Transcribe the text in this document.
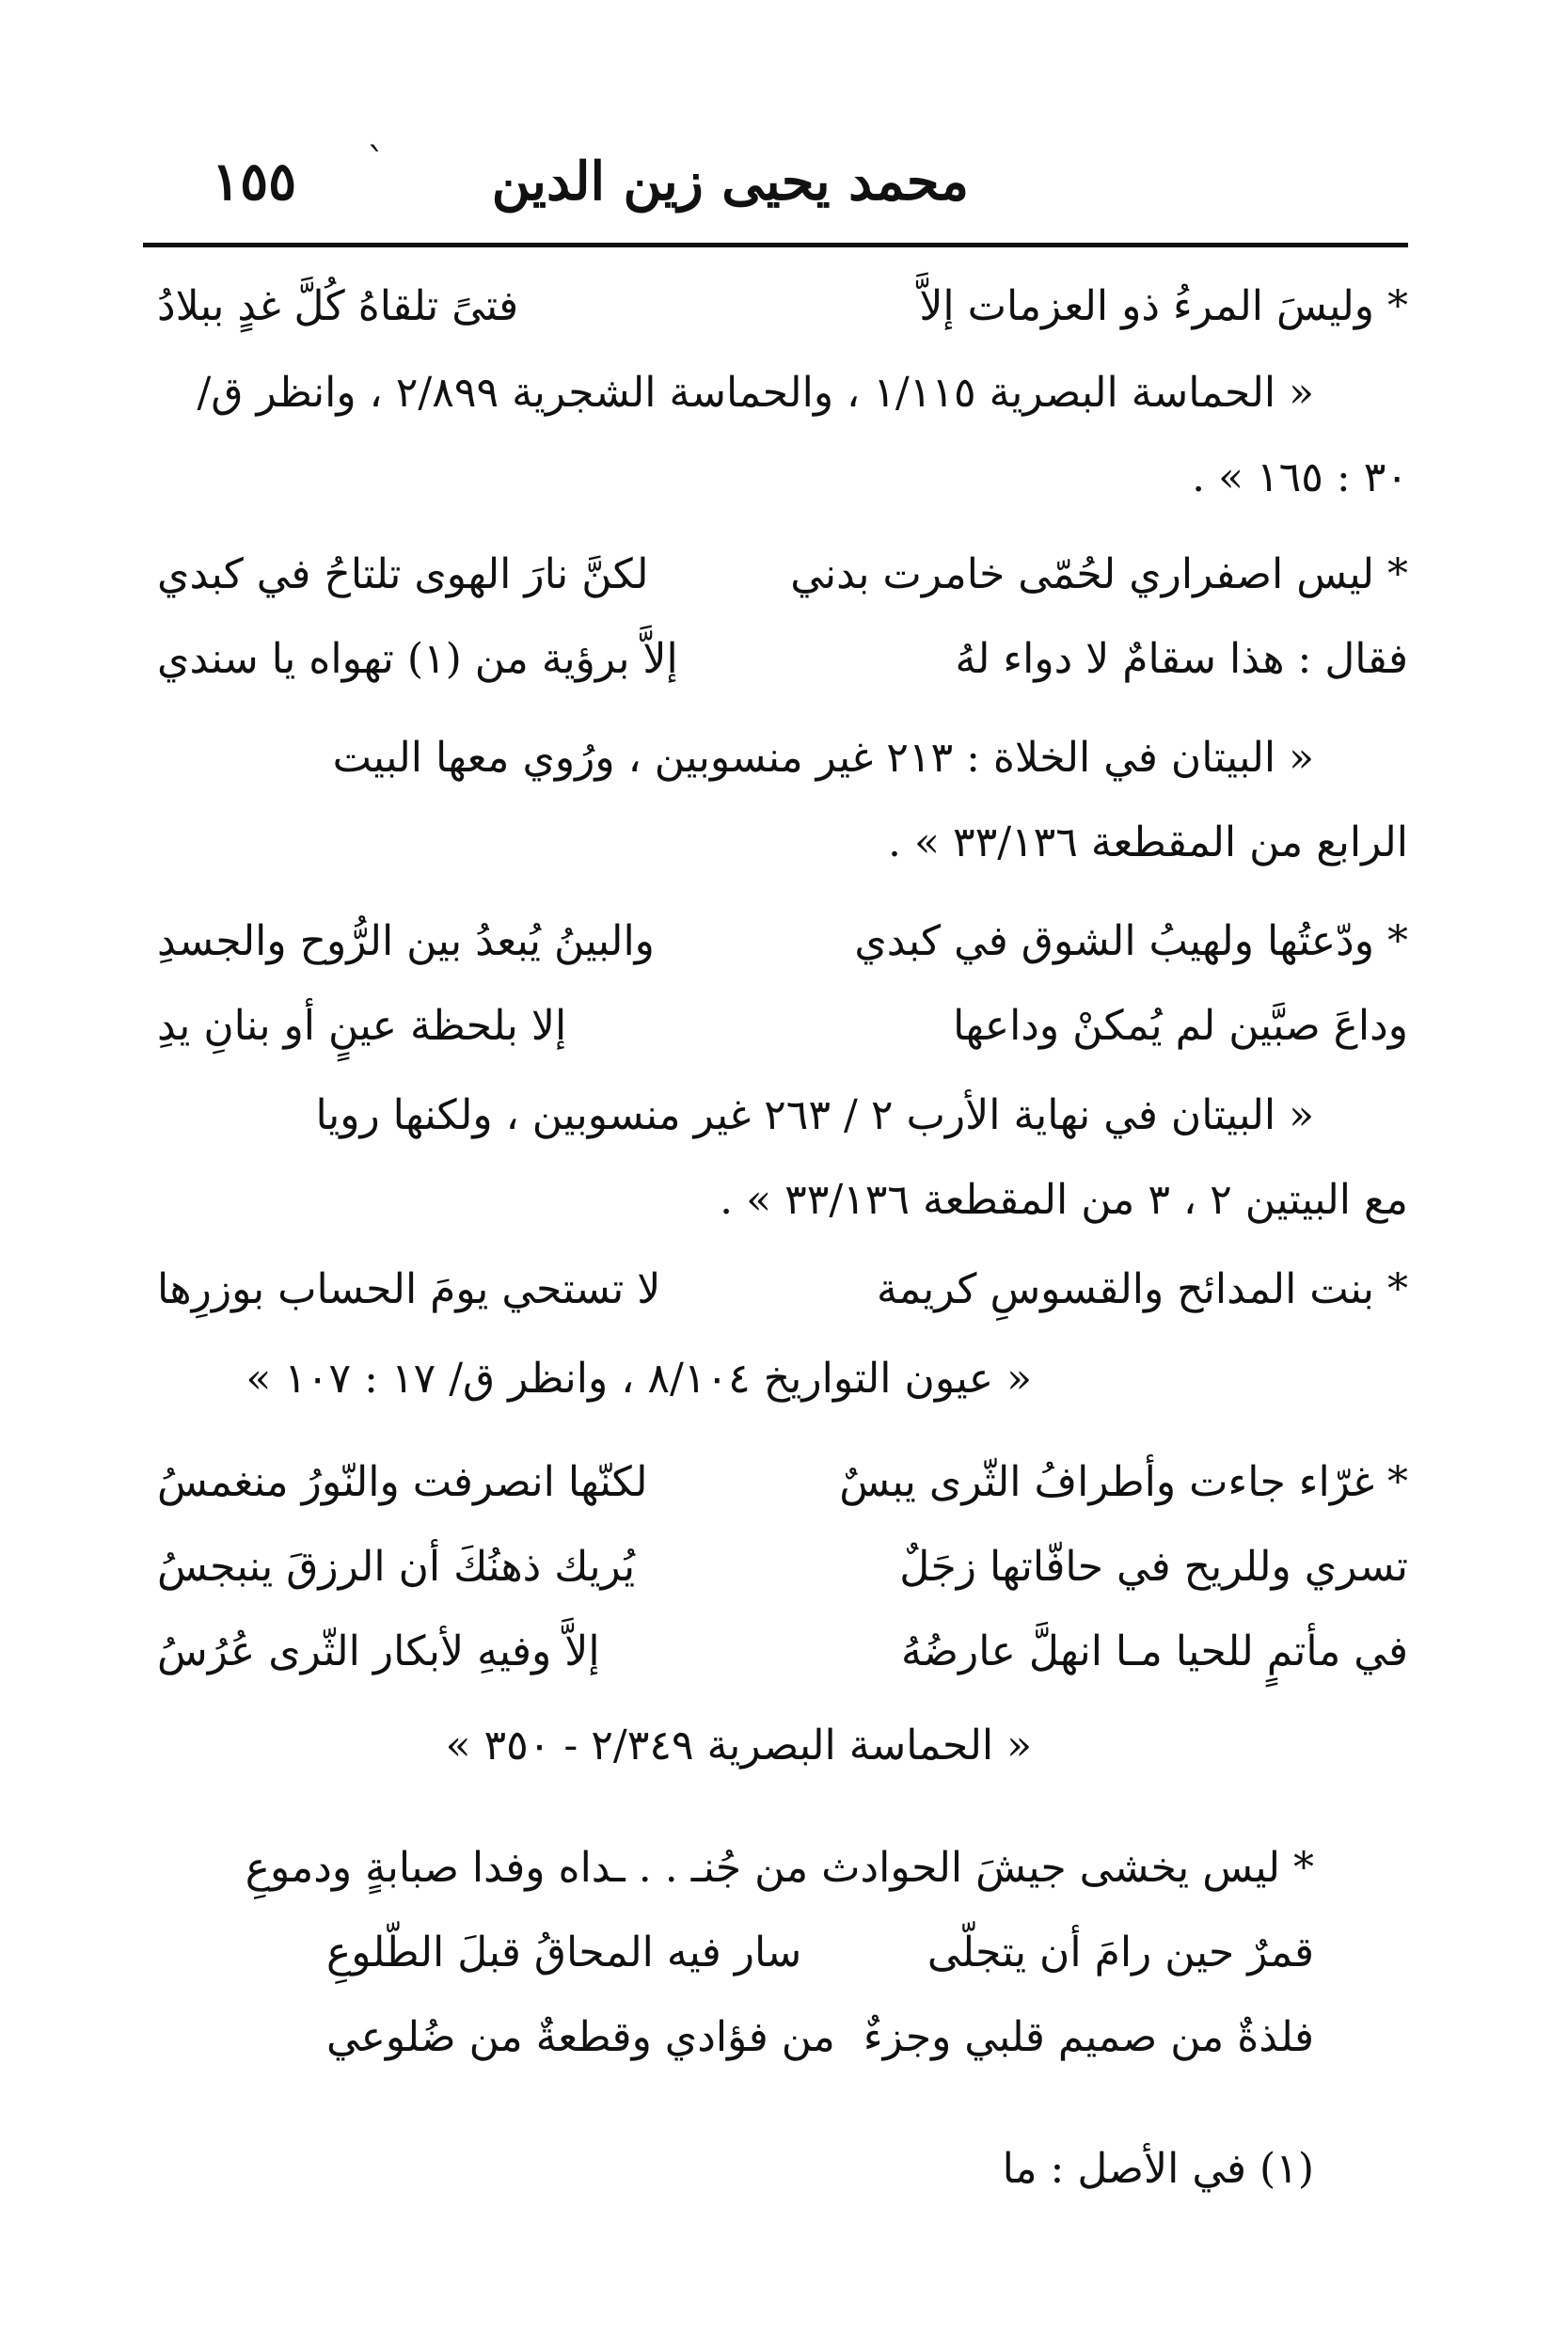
محمد يحيى زين الدين
ˋ
١٥٥
* وليسَ المرءُ ذو العزمات إلاَّ
فتىً تلقاهُ كُلَّ غدٍ ببلادُ
« الحماسة البصرية ١/١١٥ ، والحماسة الشجرية ٢/٨٩٩ ، وانظر ق/
٣٠ : ١٦٥ » .
* ليس اصفراري لحُمّى خامرت بدني
لكنَّ نارَ الهوى تلتاحُ في كبدي
فقال : هذا سقامٌ لا دواء لهُ
إلاَّ برؤية من (١) تهواه يا سندي
« البيتان في الخلاة : ٢١٣ غير منسوبين ، ورُوي معها البيت
الرابع من المقطعة ٣٣/١٣٦ » .
* ودّعتُها ولهيبُ الشوق في كبدي
والبينُ يُبعدُ بين الرُّوح والجسدِ
وداعَ صبَّين لم يُمكنْ وداعها
إلا بلحظة عينٍ أو بنانِ يدِ
« البيتان في نهاية الأرب ٢ / ٢٦٣ غير منسوبين ، ولكنها رويا
مع البيتين ٢ ، ٣ من المقطعة ٣٣/١٣٦ » .
* بنت المدائح والقسوسِ كريمة
لا تستحي يومَ الحساب بوزرِها
« عيون التواريخ ٨/١٠٤ ، وانظر ق/ ١٧ : ١٠٧ »
* غرّاء جاءت وأطرافُ الثّرى يبسٌ
لكنّها انصرفت والنّورُ منغمسُ
تسري وللريح في حافّاتها زجَلٌ
يُريك ذهنُكَ أن الرزقَ ينبجسُ
في مأتمٍ للحيا مـا انهلَّ عارضُهُ
إلاَّ وفيهِ لأبكار الثّرى عُرُسُ
« الحماسة البصرية ٢/٣٤٩ - ٣٥٠ »
* ليس يخشى جيشَ الحوادث من جُنـ . . ـداه وفدا صبابةٍ ودموعِ
قمرٌ حين رامَ أن يتجلّى
سار فيه المحاقُ قبلَ الطّلوعِ
فلذةٌ من صميم قلبي وجزءٌ
من فؤادي وقطعةٌ من ضُلوعي
(١) في الأصل : ما
